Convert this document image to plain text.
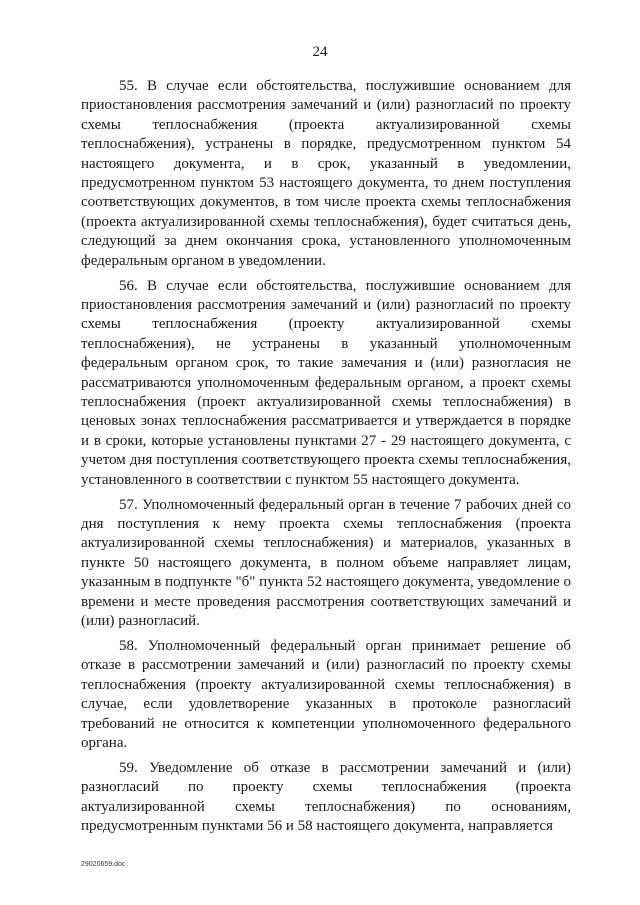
24

55. В случае если обстоятельства, послужившие основанием для приостановления рассмотрения замечаний и (или) разногласий по проекту схемы теплоснабжения (проекта актуализированной схемы теплоснабжения), устранены в порядке, предусмотренном пунктом 54 настоящего документа, и в срок, указанный в уведомлении, предусмотренном пунктом 53 настоящего документа, то днем поступления соответствующих документов, в том числе проекта схемы теплоснабжения (проекта актуализированной схемы теплоснабжения), будет считаться день, следующий за днем окончания срока, установленного уполномоченным федеральным органом в уведомлении.

56. В случае если обстоятельства, послужившие основанием для приостановления рассмотрения замечаний и (или) разногласий по проекту схемы теплоснабжения (проекту актуализированной схемы теплоснабжения), не устранены в указанный уполномоченным федеральным органом срок, то такие замечания и (или) разногласия не рассматриваются уполномоченным федеральным органом, а проект схемы теплоснабжения (проект актуализированной схемы теплоснабжения) в ценовых зонах теплоснабжения рассматривается и утверждается в порядке и в сроки, которые установлены пунктами 27 - 29 настоящего документа, с учетом дня поступления соответствующего проекта схемы теплоснабжения, установленного в соответствии с пунктом 55 настоящего документа.

57. Уполномоченный федеральный орган в течение 7 рабочих дней со дня поступления к нему проекта схемы теплоснабжения (проекта актуализированной схемы теплоснабжения) и материалов, указанных в пункте 50 настоящего документа, в полном объеме направляет лицам, указанным в подпункте "б" пункта 52 настоящего документа, уведомление о времени и месте проведения рассмотрения соответствующих замечаний и (или) разногласий.

58. Уполномоченный федеральный орган принимает решение об отказе в рассмотрении замечаний и (или) разногласий по проекту схемы теплоснабжения (проекту актуализированной схемы теплоснабжения) в случае, если удовлетворение указанных в протоколе разногласий требований не относится к компетенции уполномоченного федерального органа.

59. Уведомление об отказе в рассмотрении замечаний и (или) разногласий по проекту схемы теплоснабжения (проекта актуализированной схемы теплоснабжения) по основаниям, предусмотренным пунктами 56 и 58 настоящего документа, направляется

29020659.doc
